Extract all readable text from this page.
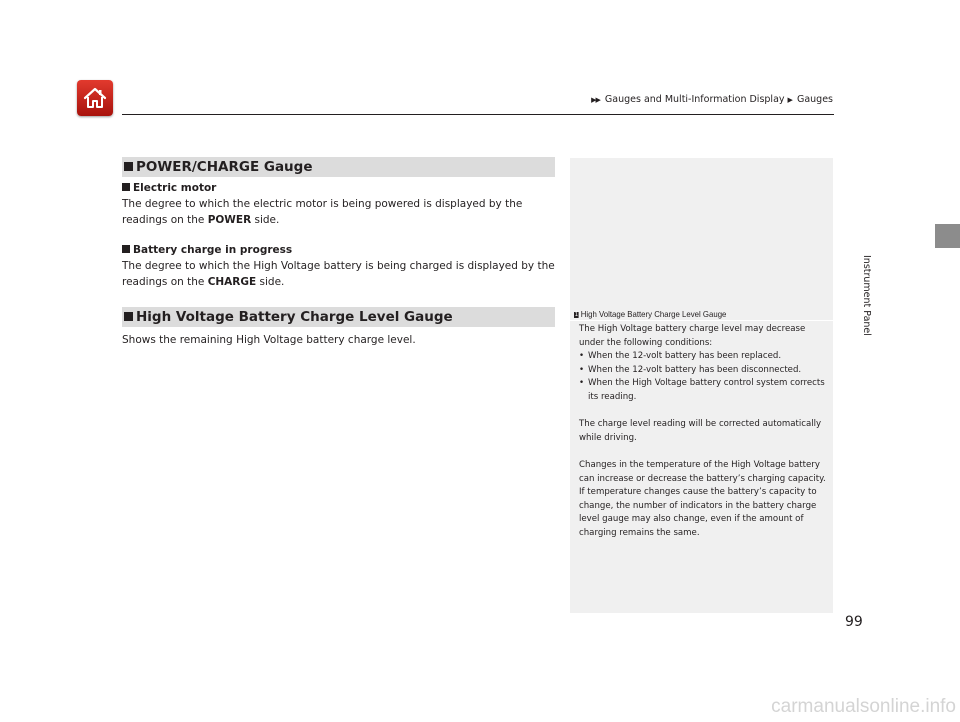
▶▶ Gauges and Multi-Information Display ▶ Gauges
Instrument Panel
POWER/CHARGE Gauge
Electric motor
The degree to which the electric motor is being powered is displayed by the readings on the POWER side.
Battery charge in progress
The degree to which the High Voltage battery is being charged is displayed by the readings on the CHARGE side.
High Voltage Battery Charge Level Gauge
Shows the remaining High Voltage battery charge level.
1 High Voltage Battery Charge Level Gauge

The High Voltage battery charge level may decrease under the following conditions:

• When the 12-volt battery has been replaced.
• When the 12-volt battery has been disconnected.
• When the High Voltage battery control system corrects its reading.

The charge level reading will be corrected automatically while driving.

Changes in the temperature of the High Voltage battery can increase or decrease the battery’s charging capacity. If temperature changes cause the battery’s capacity to change, the number of indicators in the battery charge level gauge may also change, even if the amount of charging remains the same.

99
carmanualsonline.info
